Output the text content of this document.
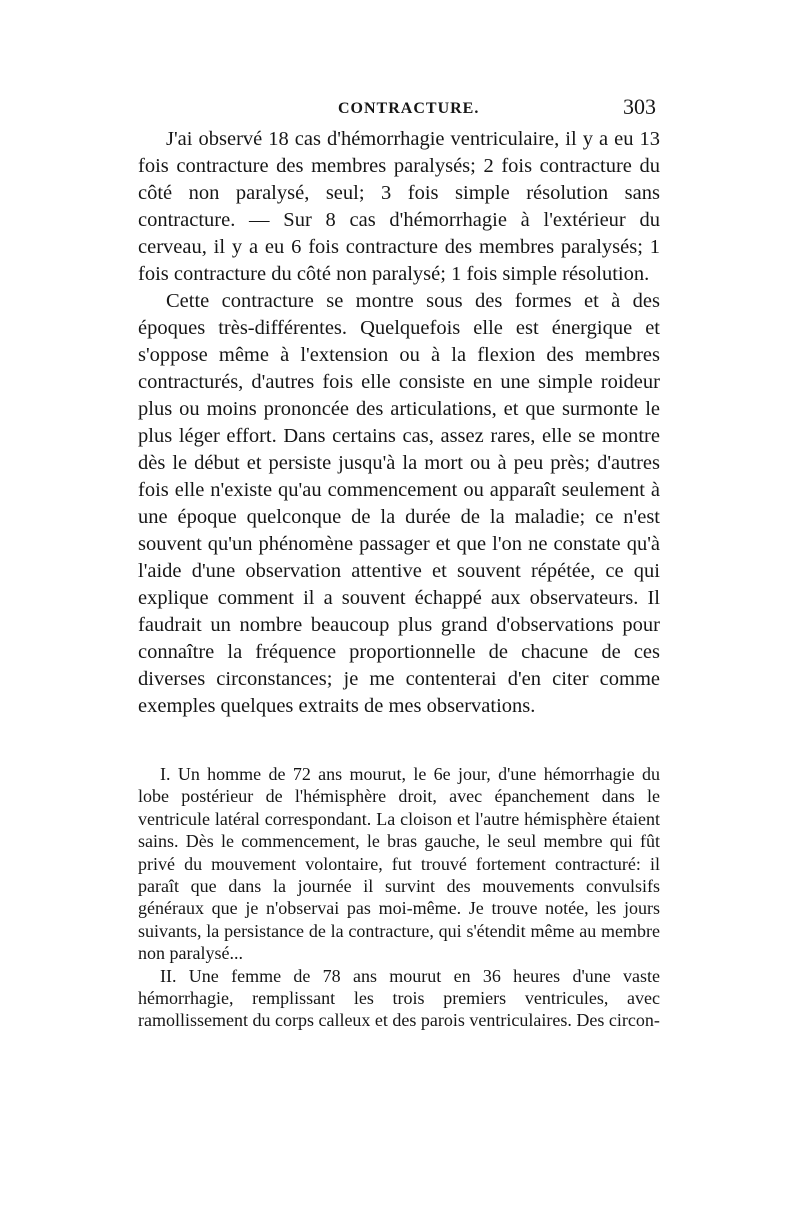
CONTRACTURE.	303

J'ai observé 18 cas d'hémorrhagie ventriculaire, il y a eu 13 fois contracture des membres paralysés; 2 fois contracture du côté non paralysé, seul; 3 fois simple résolution sans contracture. — Sur 8 cas d'hémorrhagie à l'extérieur du cerveau, il y a eu 6 fois contracture des membres paralysés; 1 fois contracture du côté non paralysé; 1 fois simple résolution.

Cette contracture se montre sous des formes et à des époques très-différentes. Quelquefois elle est énergique et s'oppose même à l'extension ou à la flexion des membres contracturés, d'autres fois elle consiste en une simple roideur plus ou moins prononcée des articulations, et que surmonte le plus léger effort. Dans certains cas, assez rares, elle se montre dès le début et persiste jusqu'à la mort ou à peu près; d'autres fois elle n'existe qu'au commencement ou apparaît seulement à une époque quelconque de la durée de la maladie; ce n'est souvent qu'un phénomène passager et que l'on ne constate qu'à l'aide d'une observation attentive et souvent répétée, ce qui explique comment il a souvent échappé aux observateurs. Il faudrait un nombre beaucoup plus grand d'observations pour connaître la fréquence proportionnelle de chacune de ces diverses circonstances; je me contenterai d'en citer comme exemples quelques extraits de mes observations.

I. Un homme de 72 ans mourut, le 6e jour, d'une hémorrhagie du lobe postérieur de l'hémisphère droit, avec épanchement dans le ventricule latéral correspondant. La cloison et l'autre hémisphère étaient sains. Dès le commencement, le bras gauche, le seul membre qui fût privé du mouvement volontaire, fut trouvé fortement contracturé: il paraît que dans la journée il survint des mouvements convulsifs généraux que je n'observai pas moi-même. Je trouve notée, les jours suivants, la persistance de la contracture, qui s'étendit même au membre non paralysé...

II. Une femme de 78 ans mourut en 36 heures d'une vaste hémorrhagie, remplissant les trois premiers ventricules, avec ramollissement du corps calleux et des parois ventriculaires. Des circon-
